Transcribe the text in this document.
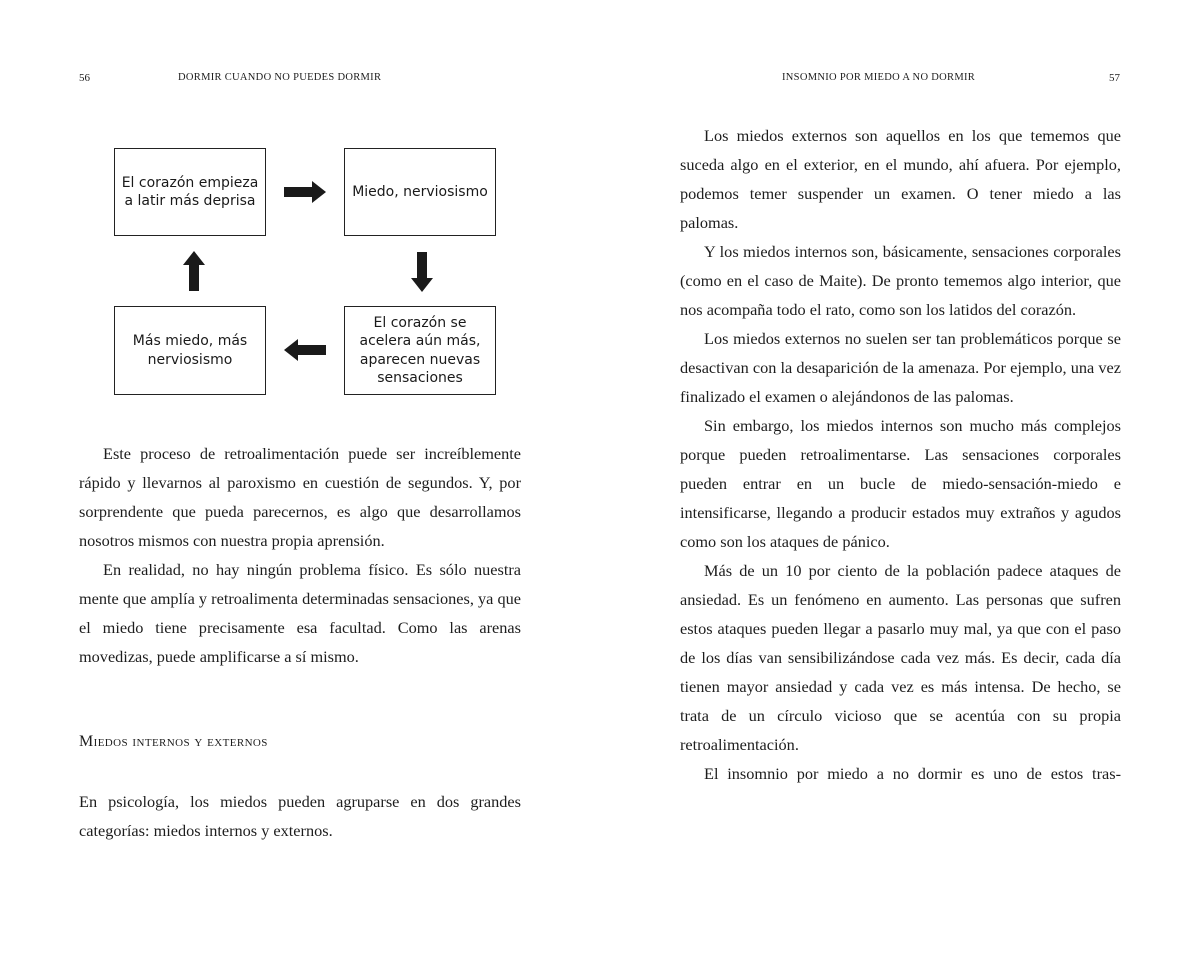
56	DORMIR CUANDO NO PUEDES DORMIR
El corazón empieza a latir más deprisa
Miedo, nerviosismo
El corazón se acelera aún más, aparecen nuevas sensaciones
Más miedo, más nerviosismo

Este proceso de retroalimentación puede ser increíblemente rápido y llevarnos al paroxismo en cuestión de segundos. Y, por sorprendente que pueda parecernos, es algo que desarrollamos nosotros mismos con nuestra propia aprensión.

En realidad, no hay ningún problema físico. Es sólo nuestra mente que amplía y retroalimenta determinadas sensaciones, ya que el miedo tiene precisamente esa facultad. Como las arenas movedizas, puede amplificarse a sí mismo.

Miedos internos y externos

En psicología, los miedos pueden agruparse en dos grandes categorías: miedos internos y externos.

INSOMNIO POR MIEDO A NO DORMIR	57

Los miedos externos son aquellos en los que tememos que suceda algo en el exterior, en el mundo, ahí afuera. Por ejemplo, podemos temer suspender un examen. O tener miedo a las palomas.

Y los miedos internos son, básicamente, sensaciones corporales (como en el caso de Maite). De pronto tememos algo interior, que nos acompaña todo el rato, como son los latidos del corazón.

Los miedos externos no suelen ser tan problemáticos porque se desactivan con la desaparición de la amenaza. Por ejemplo, una vez finalizado el examen o alejándonos de las palomas.

Sin embargo, los miedos internos son mucho más complejos porque pueden retroalimentarse. Las sensaciones corporales pueden entrar en un bucle de miedo-sensación-miedo e intensificarse, llegando a producir estados muy extraños y agudos como son los ataques de pánico.

Más de un 10 por ciento de la población padece ataques de ansiedad. Es un fenómeno en aumento. Las personas que sufren estos ataques pueden llegar a pasarlo muy mal, ya que con el paso de los días van sensibilizándose cada vez más. Es decir, cada día tienen mayor ansiedad y cada vez es más intensa. De hecho, se trata de un círculo vicioso que se acentúa con su propia retroalimentación.

El insomnio por miedo a no dormir es uno de estos tras-
